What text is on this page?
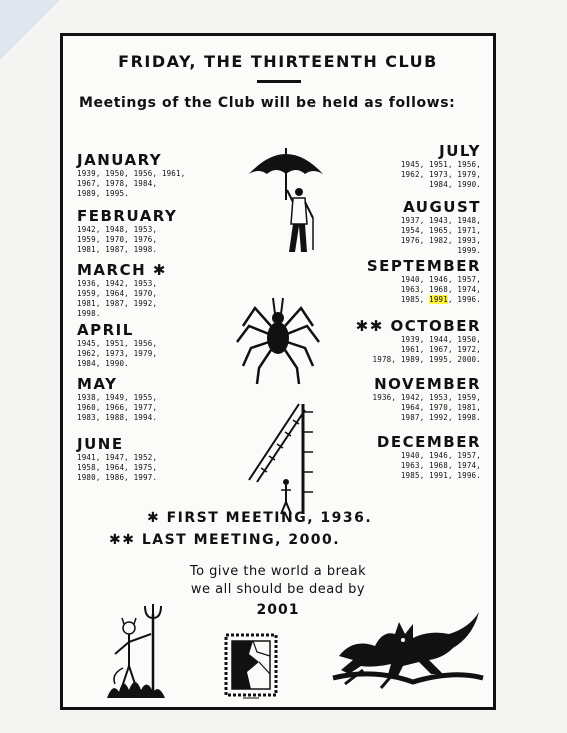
FRIDAY, THE THIRTEENTH CLUB
Meetings of the Club will be held as follows:
JANUARY
1939, 1950, 1956, 1961,
1967, 1978, 1984,
1989, 1995.
FEBRUARY
1942, 1948, 1953,
1959, 1970, 1976,
1981, 1987, 1998.
MARCH ✱
1936, 1942, 1953,
1959, 1964, 1970,
1981, 1987, 1992,
1998.
APRIL
1945, 1951, 1956,
1962, 1973, 1979,
1984, 1990.
MAY
1938, 1949, 1955,
1960, 1966, 1977,
1983, 1988, 1994.
JUNE
1941, 1947, 1952,
1958, 1964, 1975,
1980, 1986, 1997.
JULY
1945, 1951, 1956,
1962, 1973, 1979,
1984, 1990.
AUGUST
1937, 1943, 1948,
1954, 1965, 1971,
1976, 1982, 1993,
1999.
SEPTEMBER
1940, 1946, 1957,
1963, 1968, 1974,
1985, 1991, 1996.
✱✱ OCTOBER
1939, 1944, 1950,
1961, 1967, 1972,
1978, 1989, 1995, 2000.
NOVEMBER
1936, 1942, 1953, 1959,
1964, 1970, 1981,
1987, 1992, 1998.
DECEMBER
1940, 1946, 1957,
1963, 1968, 1974,
1985, 1991, 1996.
✱ FIRST MEETING, 1936.
✱✱ LAST MEETING, 2000.
To give the world a break
we all should be dead by
2001
